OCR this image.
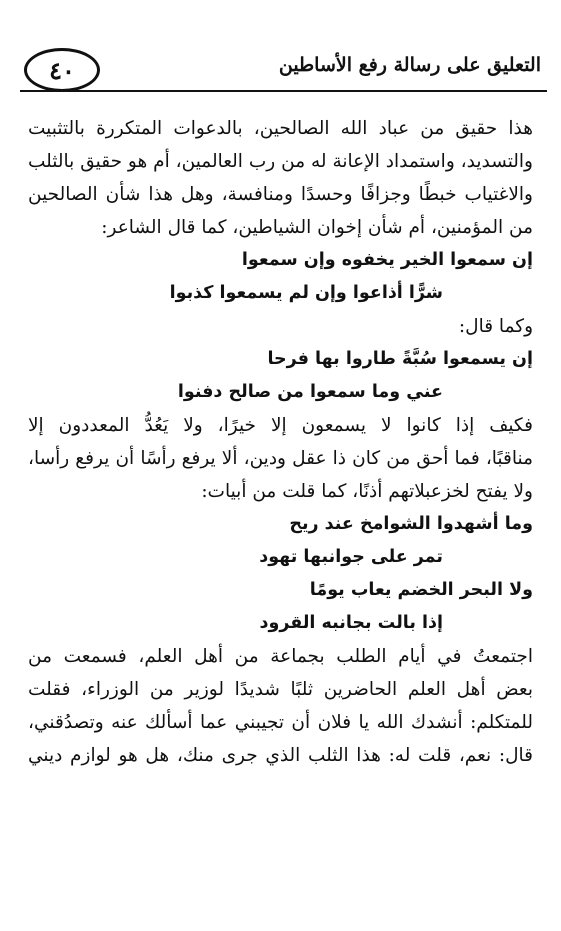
التعليق على رسالة رفع الأساطين
٤٠

هذا حقيق من عباد الله الصالحين، بالدعوات المتكررة بالتثبيت

والتسديد، واستمداد الإعانة له من رب العالمين، أم هو حقيق بالثلب

والاغتياب خبطًا وجزافًا وحسدًا ومنافسة، وهل هذا شأن الصالحين

من المؤمنين، أم شأن إخوان الشياطين، كما قال الشاعر:

إن سمعوا الخير يخفوه وإن سمعوا

شرًّا أذاعوا وإن لم يسمعوا كذبوا

وكما قال:

إن يسمعوا سُبَّةً طاروا بها فرحا

عني وما سمعوا من صالح دفنوا

فكيف إذا كانوا لا يسمعون إلا خيرًا، ولا يَعُدُّ المعددون إلا

مناقبًا، فما أحق من كان ذا عقل ودين، ألا يرفع رأسًا أن يرفع رأسا،

ولا يفتح لخزعبلاتهم أذنًا، كما قلت من أبيات:

وما أشهدوا الشوامخ عند ريح

تمر على جوانبها تهود

ولا البحر الخضم يعاب يومًا

إذا بالت بجانبه القرود

اجتمعتُ في أيام الطلب بجماعة من أهل العلم، فسمعت من

بعض أهل العلم الحاضرين ثلبًا شديدًا لوزير من الوزراء، فقلت

للمتكلم: أنشدك الله يا فلان أن تجيبني عما أسألك عنه وتصدُقني،

قال: نعم، قلت له: هذا الثلب الذي جرى منك، هل هو لوازم ديني
